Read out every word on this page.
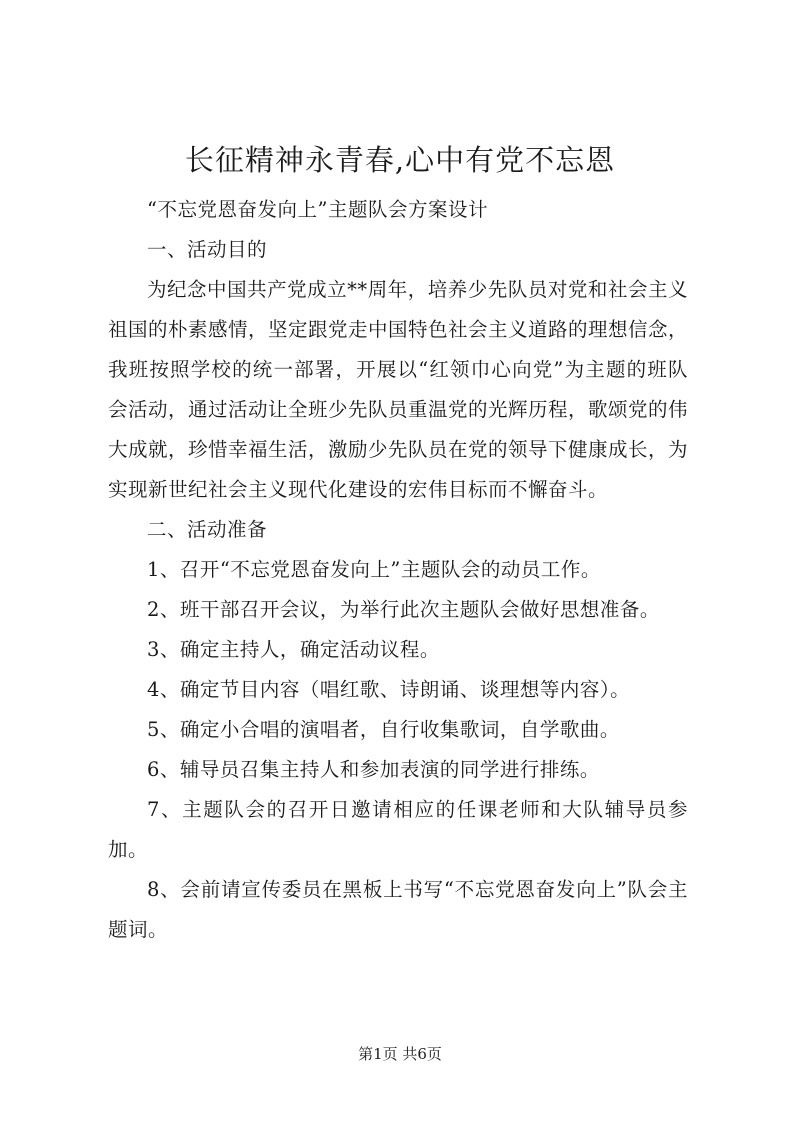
长征精神永青春,心中有党不忘恩

“不忘党恩奋发向上”主题队会方案设计

一、活动目的

为纪念中国共产党成立**周年，培养少先队员对党和社会主义祖国的朴素感情，坚定跟党走中国特色社会主义道路的理想信念，我班按照学校的统一部署，开展以“红领巾心向党”为主题的班队会活动，通过活动让全班少先队员重温党的光辉历程，歌颂党的伟大成就，珍惜幸福生活，激励少先队员在党的领导下健康成长，为实现新世纪社会主义现代化建设的宏伟目标而不懈奋斗。

二、活动准备

1、召开“不忘党恩奋发向上”主题队会的动员工作。

2、班干部召开会议，为举行此次主题队会做好思想准备。

3、确定主持人，确定活动议程。

4、确定节目内容（唱红歌、诗朗诵、谈理想等内容）。

5、确定小合唱的演唱者，自行收集歌词，自学歌曲。

6、辅导员召集主持人和参加表演的同学进行排练。

7、主题队会的召开日邀请相应的任课老师和大队辅导员参加。

8、会前请宣传委员在黑板上书写“不忘党恩奋发向上”队会主题词。

第1页 共6页
